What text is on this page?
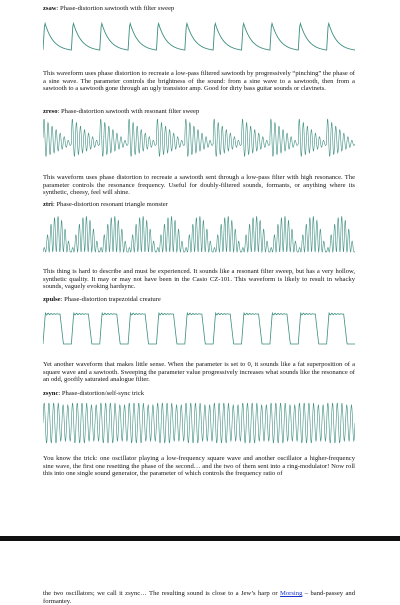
zsaw: Phase-distortion sawtooth with filter sweep

This waveform uses phase distortion to recreate a low-pass filtered sawtooth by progressively “pinching” the phase of a sine wave. The parameter controls the brightness of the sound: from a sine wave to a sawtooth, then from a sawtooth to a sawtooth gone through an ugly transistor amp. Good for dirty bass guitar sounds or clavinets.

zreso: Phase-distortion sawtooth with resonant filter sweep

This waveform uses phase distortion to recreate a sawtooth sent through a low-pass filter with high resonance. The parameter controls the resonance frequency. Useful for doubly-filtered sounds, formants, or anything where its synthetic, cheesy, feel will shine.

ztri: Phase-distortion resonant triangle monster

This thing is hard to describe and must be experienced. It sounds like a resonant filter sweep, but has a very hollow, synthetic quality. It may or may not have been in the Casio CZ-101. This waveform is likely to result in whacky sounds, vaguely evoking hardsync.

zpulse: Phase-distortion trapezoidal creature

Yet another waveform that makes little sense. When the parameter is set to 0, it sounds like a fat superposition of a square wave and a sawtooth. Sweeping the parameter value progressively increases what sounds like the resonance of an odd, goofily saturated analogue filter.

zsync: Phase-distortion/self-sync trick

You know the trick: one oscillator playing a low-frequency square wave and another oscillator a higher-frequency sine wave, the first one resetting the phase of the second… and the two of them sent into a ring-modulator! Now roll this into one single sound generator, the parameter of which controls the frequency ratio of

the two oscillators; we call it zsync… The resulting sound is close to a Jew’s harp or Morsing – band-passey and formantey.
